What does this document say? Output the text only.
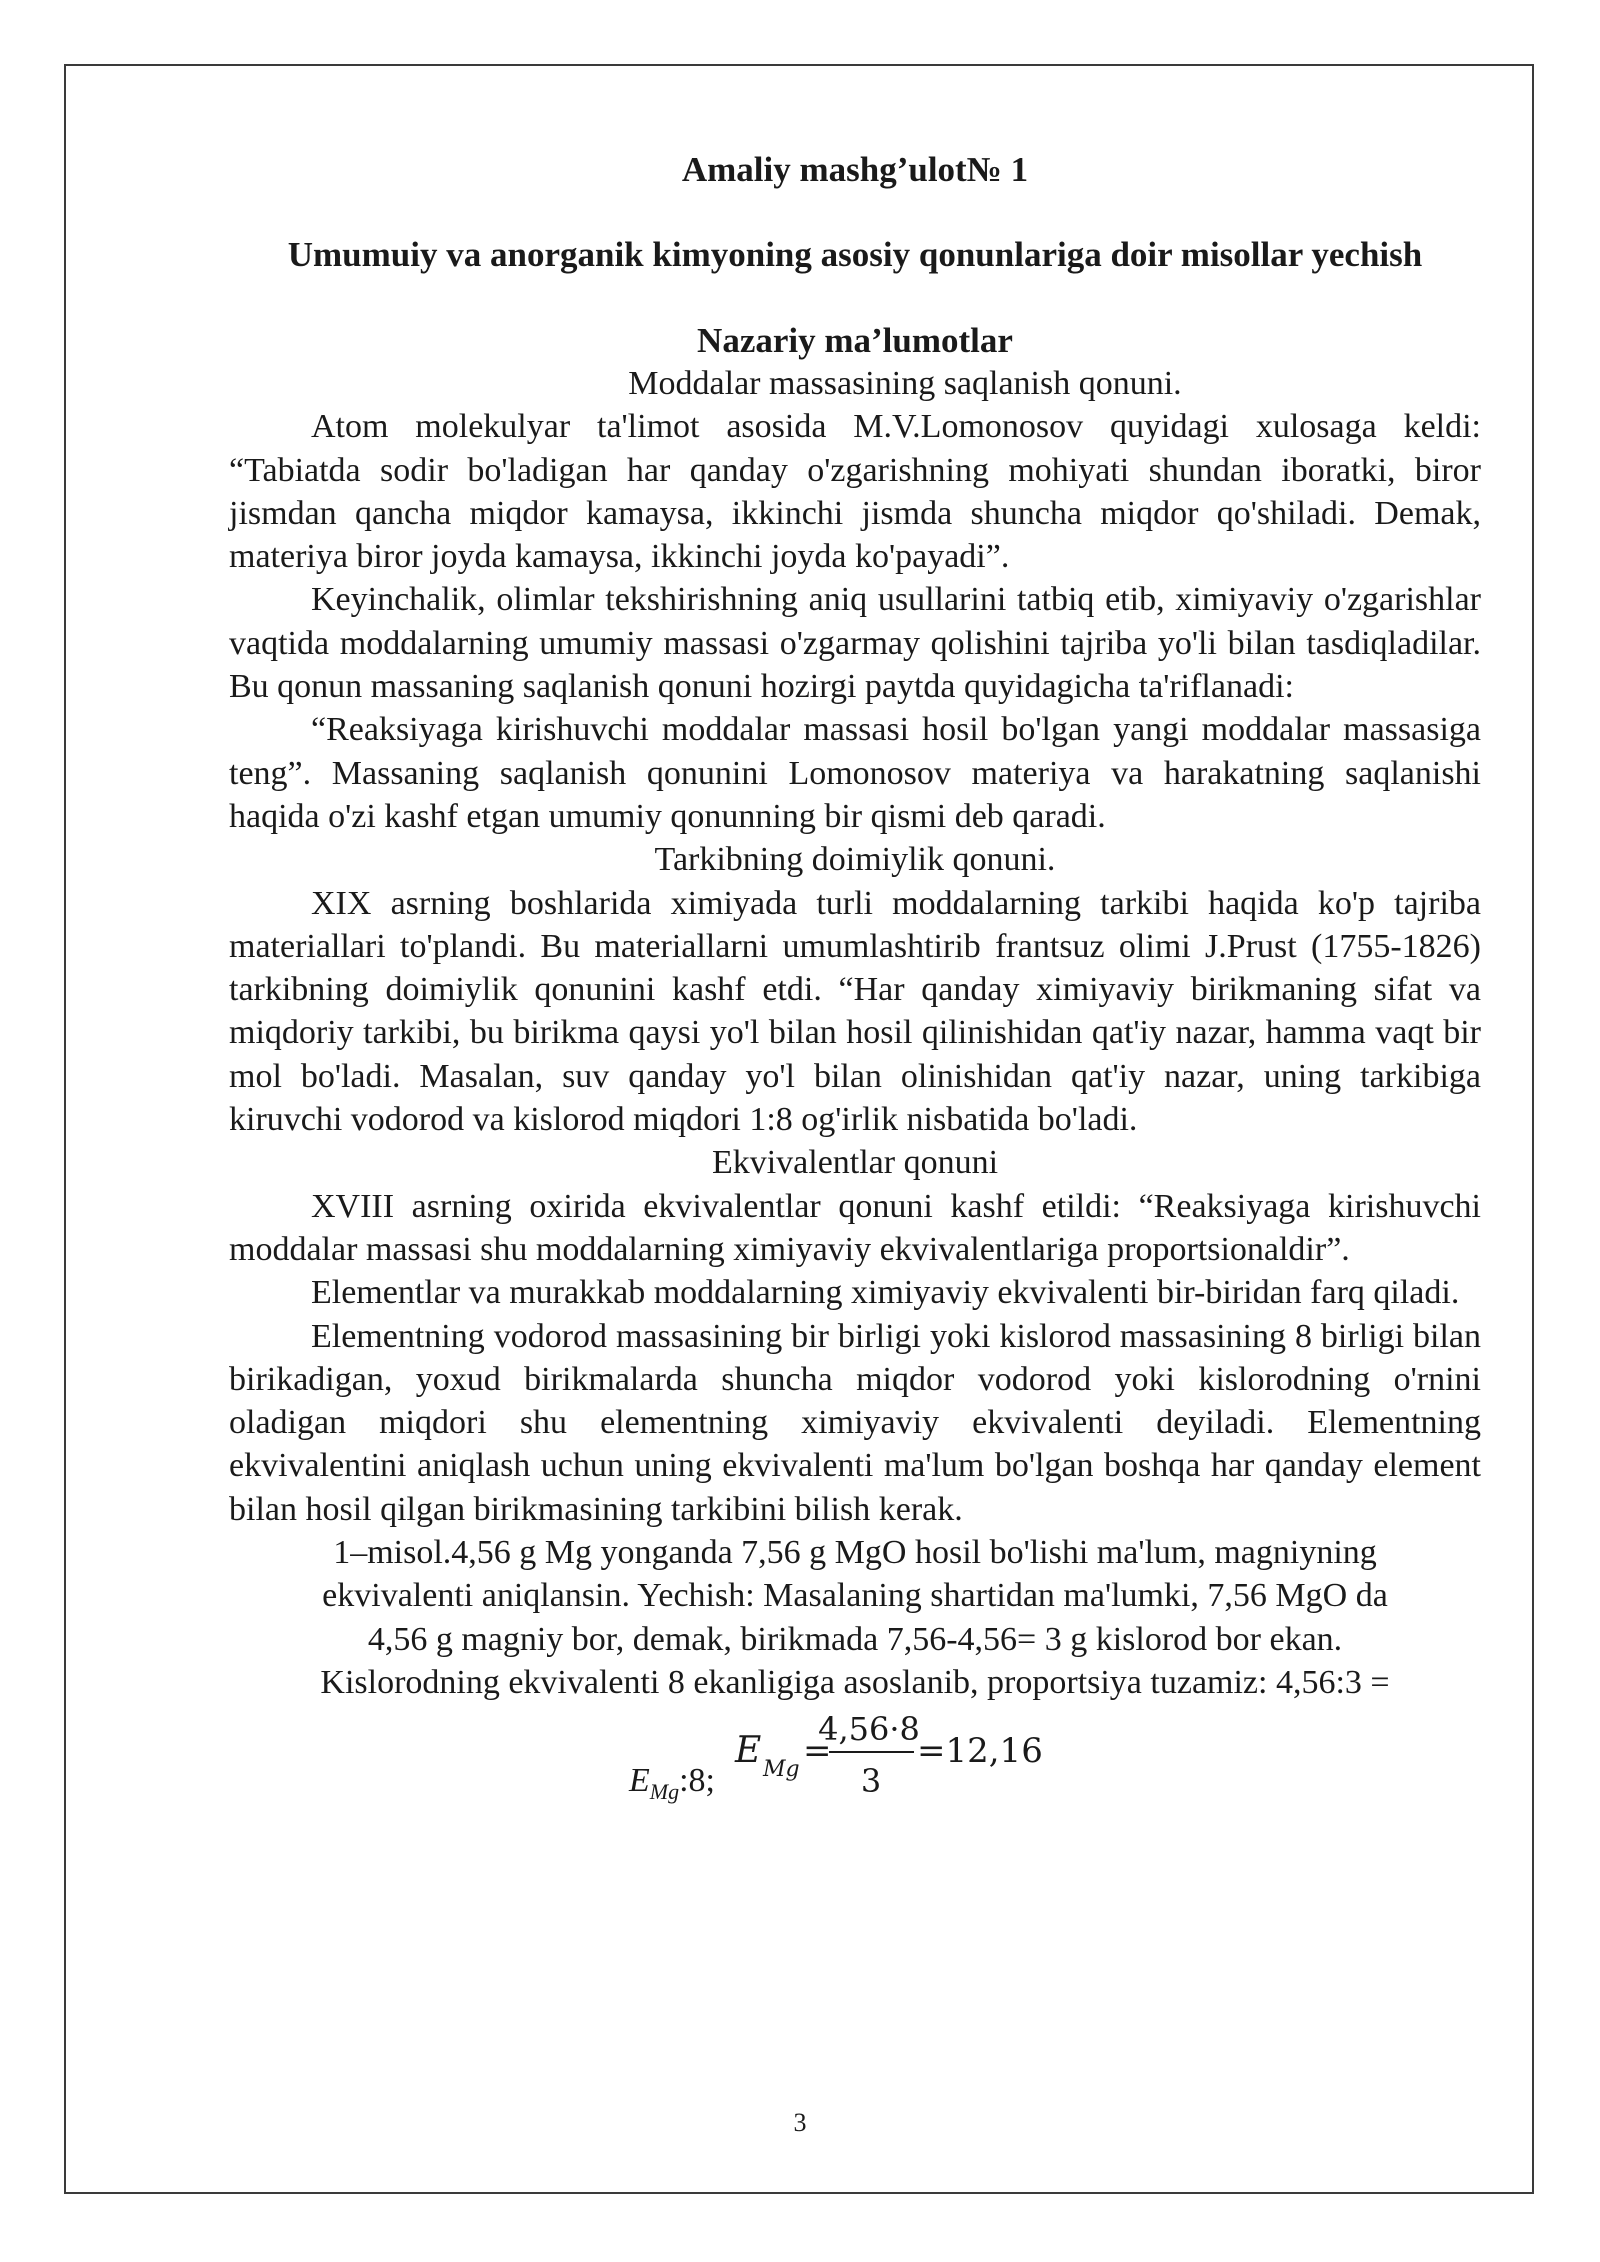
Amaliy mashg’ulot№ 1
Umumuiy va anorganik kimyoning asosiy qonunlariga doir misollar yechish
Nazariy ma’lumotlar
Moddalar massasining saqlanish qonuni.

Atom molekulyar ta'limot asosida M.V.Lomonosov quyidagi xulosaga keldi: “Tabiatda sodir bo'ladigan har qanday o'zgarishning mohiyati shundan iboratki, biror jismdan qancha miqdor kamaysa, ikkinchi jismda shuncha miqdor qo'shiladi. Demak, materiya biror joyda kamaysa, ikkinchi joyda ko'payadi”.

Keyinchalik, olimlar tekshirishning aniq usullarini tatbiq etib, ximiyaviy o'zgarishlar vaqtida moddalarning umumiy massasi o'zgarmay qolishini tajriba yo'li bilan tasdiqladilar. Bu qonun massaning saqlanish qonuni hozirgi paytda quyidagicha ta'riflanadi:

“Reaksiyaga kirishuvchi moddalar massasi hosil bo'lgan yangi moddalar massasiga teng”. Massaning saqlanish qonunini Lomonosov materiya va harakatning saqlanishi haqida o'zi kashf etgan umumiy qonunning bir qismi deb qaradi.

Tarkibning doimiylik qonuni.

XIX asrning boshlarida ximiyada turli moddalarning tarkibi haqida ko'p tajriba materiallari to'plandi. Bu materiallarni umumlashtirib frantsuz olimi J.Prust (1755-1826) tarkibning doimiylik qonunini kashf etdi. “Har qanday ximiyaviy birikmaning sifat va miqdoriy tarkibi, bu birikma qaysi yo'l bilan hosil qilinishidan qat'iy nazar, hamma vaqt bir mol bo'ladi. Masalan, suv qanday yo'l bilan olinishidan qat'iy nazar, uning tarkibiga kiruvchi vodorod va kislorod miqdori 1:8 og'irlik nisbatida bo'ladi.

Ekvivalentlar qonuni

XVIII asrning oxirida ekvivalentlar qonuni kashf etildi: “Reaksiyaga kirishuvchi moddalar massasi shu moddalarning ximiyaviy ekvivalentlariga proportsionaldir”.

Elementlar va murakkab moddalarning ximiyaviy ekvivalenti bir-biridan farq qiladi.

Elementning vodorod massasining bir birligi yoki kislorod massasining 8 birligi bilan birikadigan, yoxud birikmalarda shuncha miqdor vodorod yoki kislorodning o'rnini oladigan miqdori shu elementning ximiyaviy ekvivalenti deyiladi. Elementning ekvivalentini aniqlash uchun uning ekvivalenti ma'lum bo'lgan boshqa har qanday element bilan hosil qilgan birikmasining tarkibini bilish kerak.

1–misol.4,56 g Mg yonganda 7,56 g MgO hosil bo'lishi ma'lum, magniyning
ekvivalenti aniqlansin. Yechish: Masalaning shartidan ma'lumki, 7,56 MgO da
4,56 g magniy bor, demak, birikmada 7,56-4,56= 3 g kislorod bor ekan.
Kislorodning ekvivalenti 8 ekanligiga asoslanib, proportsiya tuzamiz: 4,56:3 =
$E_{Mg}:8$;
E Mg =
4,56·8
3
=12,16
3
